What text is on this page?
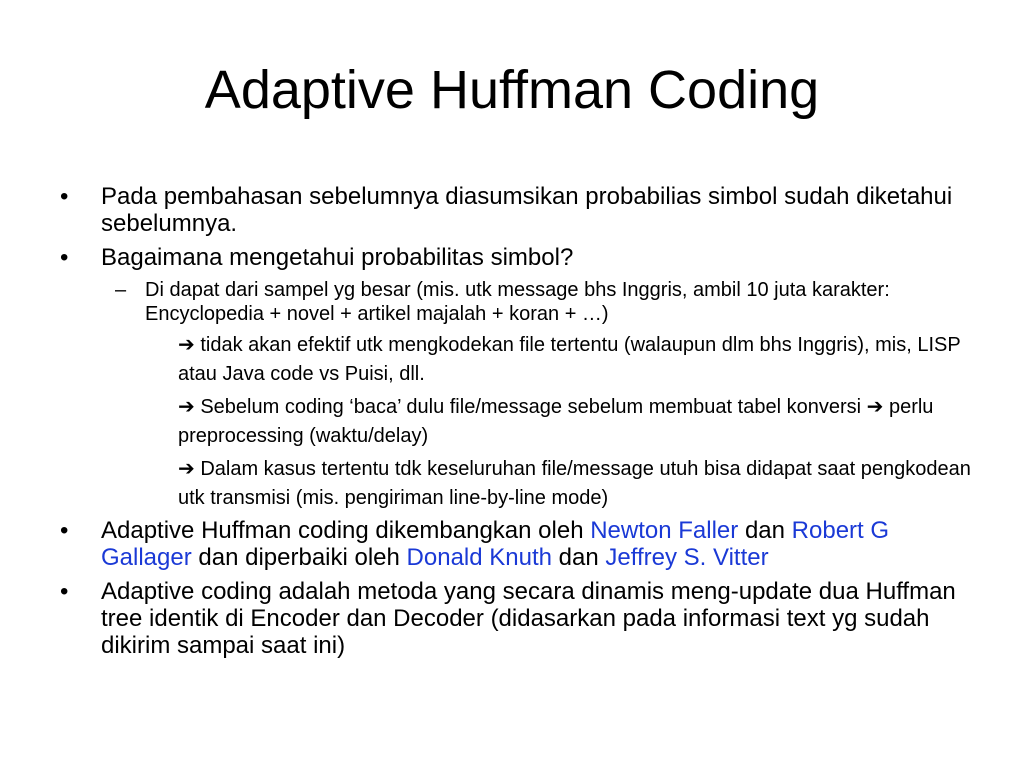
Adaptive Huffman Coding
• Pada pembahasan sebelumnya diasumsikan probabilias simbol sudah diketahui sebelumnya.
• Bagaimana mengetahui probabilitas simbol?
– Di dapat dari sampel yg besar (mis. utk message bhs Inggris, ambil 10 juta karakter: Encyclopedia + novel + artikel majalah + koran + …)
➔ tidak akan efektif utk mengkodekan file tertentu (walaupun dlm bhs Inggris), mis, LISP atau Java code vs Puisi, dll.
➔ Sebelum coding ‘baca’ dulu file/message sebelum membuat tabel konversi ➔ perlu preprocessing (waktu/delay)
➔ Dalam kasus tertentu tdk keseluruhan file/message utuh bisa didapat saat pengkodean utk transmisi (mis. pengiriman line-by-line mode)
• Adaptive Huffman coding dikembangkan oleh Newton Faller dan Robert G Gallager dan diperbaiki oleh Donald Knuth dan Jeffrey S. Vitter
• Adaptive coding adalah metoda yang secara dinamis meng-update dua Huffman tree identik di Encoder dan Decoder (didasarkan pada informasi text yg sudah dikirim sampai saat ini)
